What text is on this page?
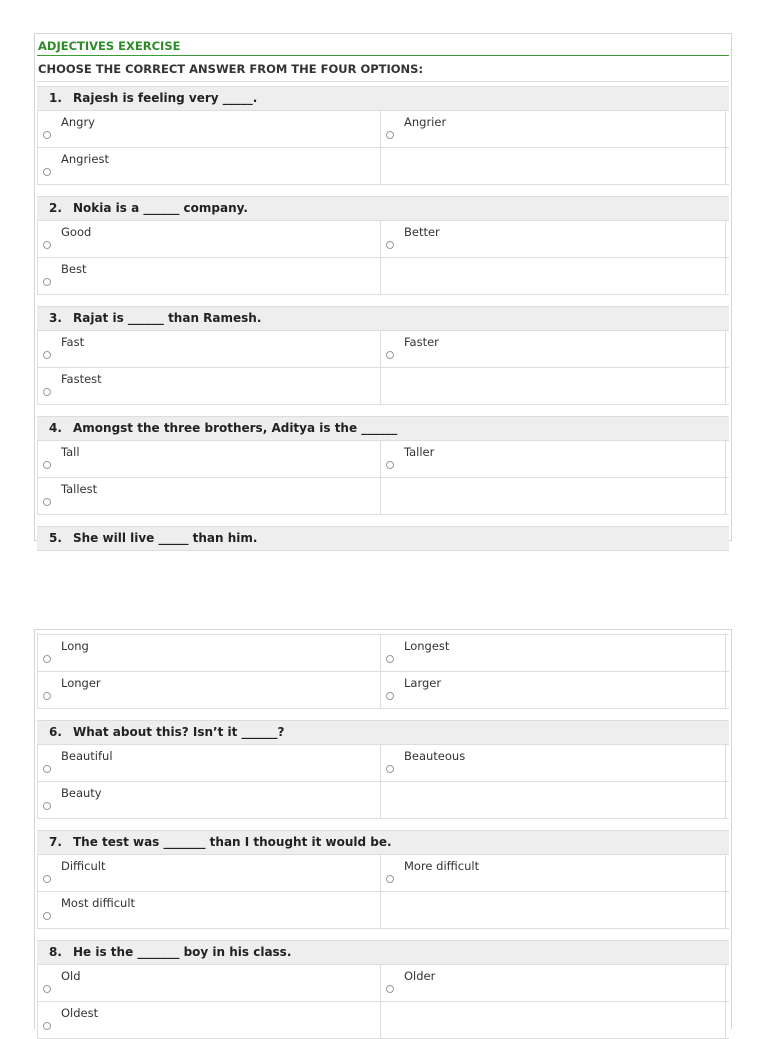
ADJECTIVES EXERCISE
CHOOSE THE CORRECT ANSWER FROM THE FOUR OPTIONS:
1. Rajesh is feeling very _____.
Angry	Angrier
Angriest
2. Nokia is a ______ company.
Good	Better
Best
3. Rajat is ______ than Ramesh.
Fast	Faster
Fastest
4. Amongst the three brothers, Aditya is the ______
Tall	Taller
Tallest
5. She will live _____ than him.
Long	Longest
Longer	Larger
6. What about this? Isn’t it ______?
Beautiful	Beauteous
Beauty
7. The test was _______ than I thought it would be.
Difficult	More difficult
Most difficult
8. He is the _______ boy in his class.
Old	Older
Oldest
